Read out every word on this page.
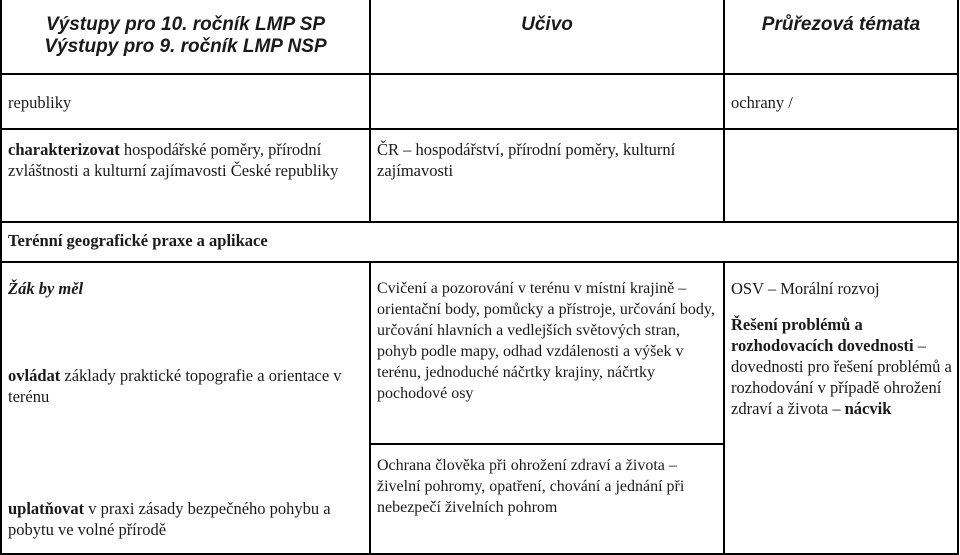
Výstupy pro 10. ročník LMP SP

Výstupy pro 9. ročník LMP NSP

Učivo	Průřezová témata
republiky	ochrany /
charakterizovat hospodářské poměry, přírodní zvláštnosti a kulturní zajímavosti České republiky
ČR – hospodářství, přírodní poměry, kulturní zajímavosti
Terénní geografické praxe a aplikace
Žák by měl
ovládat základy praktické topografie a orientace v terénu
uplatňovat v praxi zásady bezpečného pohybu a pobytu ve volné přírodě
Cvičení a pozorování v terénu v místní krajině – orientační body, pomůcky a přístroje, určování body, určování hlavních a vedlejších světových stran, pohyb podle mapy, odhad vzdálenosti a výšek v terénu, jednoduché náčrtky krajiny, náčrtky pochodové osy
Ochrana člověka při ohrožení zdraví a života – živelní pohromy, opatření, chování a jednání při nebezpečí živelních pohrom
OSV – Morální rozvoj
Řešení problémů a rozhodovacích dovednosti – dovednosti pro řešení problémů a rozhodování v případě ohrožení zdraví a života – nácvik
